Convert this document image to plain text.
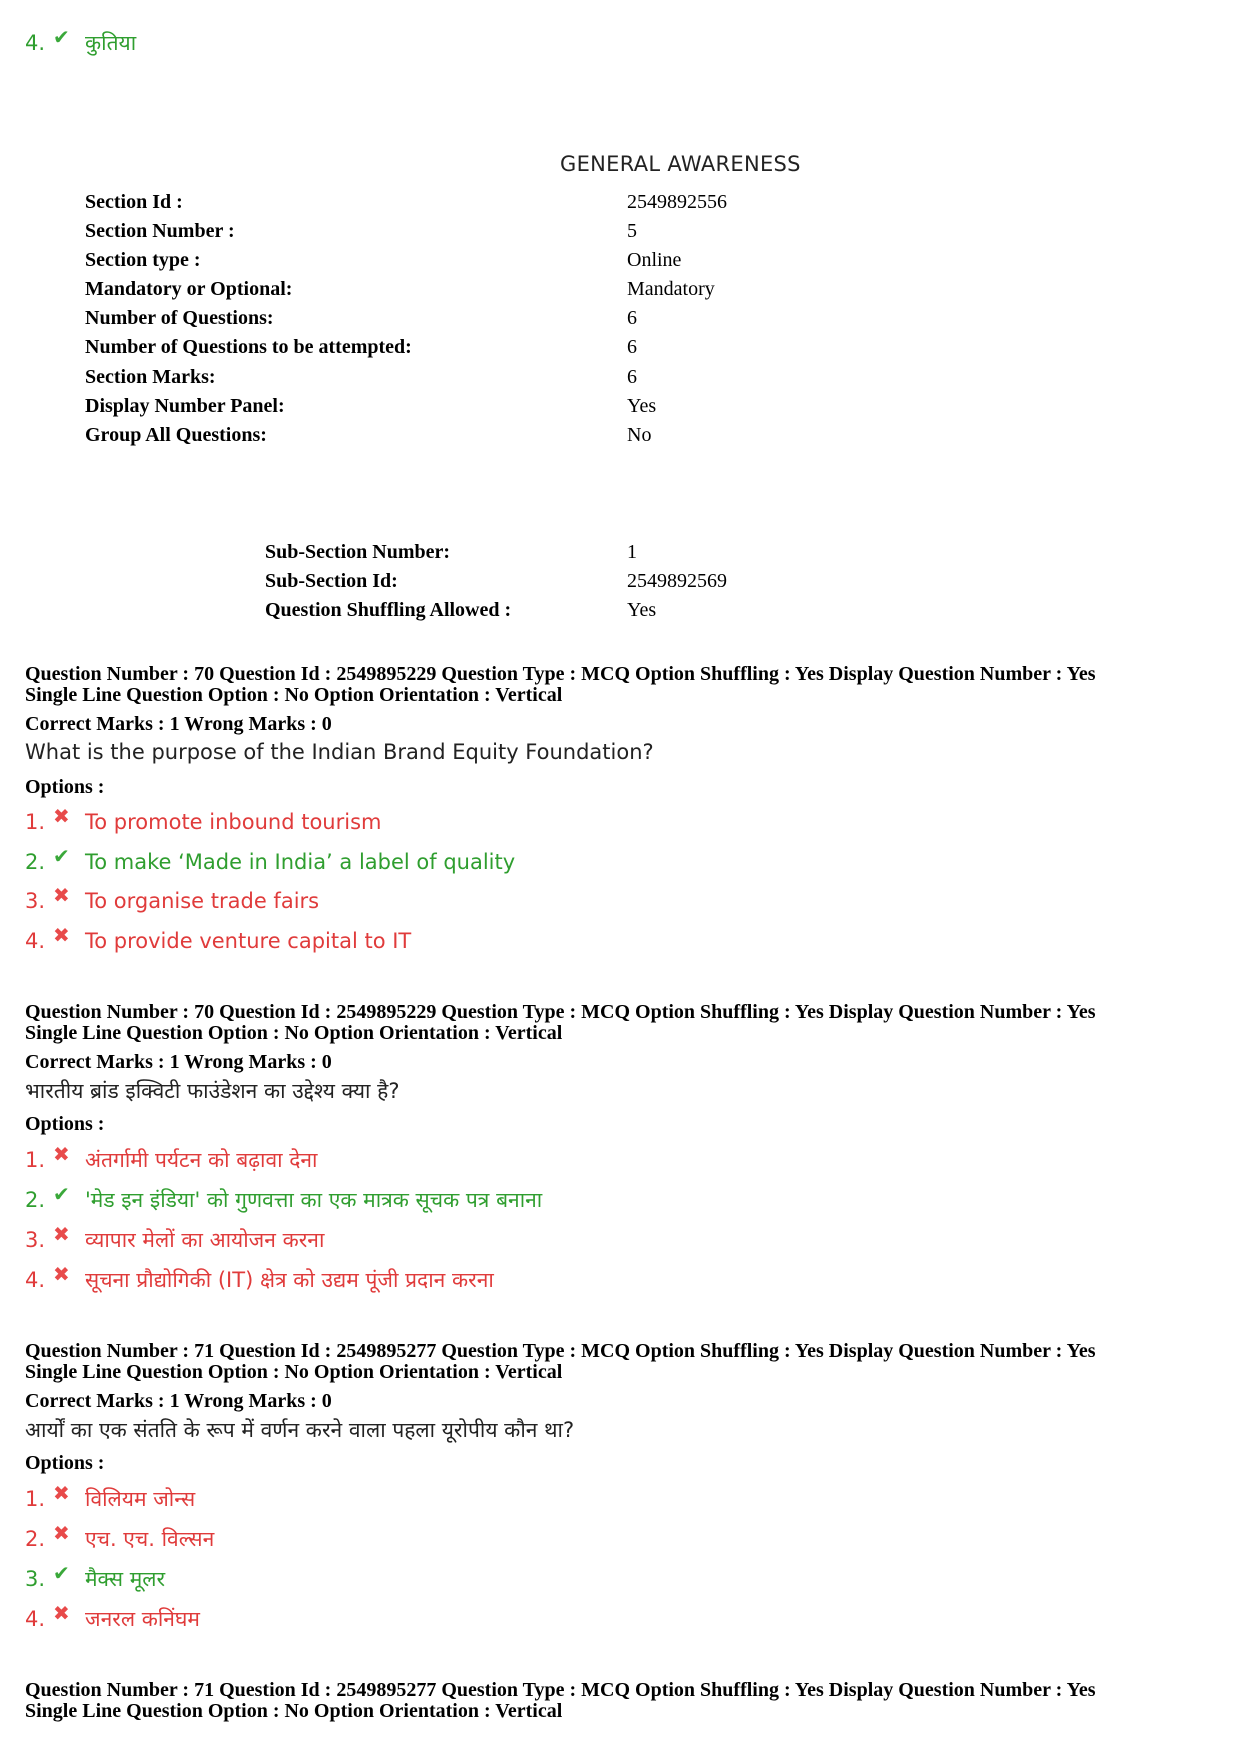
4. ✔ कुतिया
GENERAL AWARENESS
Section Id :	2549892556
Section Number :	5
Section type :	Online
Mandatory or Optional:	Mandatory
Number of Questions:	6
Number of Questions to be attempted:	6
Section Marks:	6
Display Number Panel:	Yes
Group All Questions:	No
Sub-Section Number:	1
Sub-Section Id:	2549892569
Question Shuffling Allowed :	Yes
Question Number : 70 Question Id : 2549895229 Question Type : MCQ Option Shuffling : Yes Display Question Number : Yes
Single Line Question Option : No Option Orientation : Vertical
Correct Marks : 1 Wrong Marks : 0
What is the purpose of the Indian Brand Equity Foundation?
Options :
1. ✖ To promote inbound tourism
2. ✔ To make ‘Made in India’ a label of quality
3. ✖ To organise trade fairs
4. ✖ To provide venture capital to IT
Question Number : 70 Question Id : 2549895229 Question Type : MCQ Option Shuffling : Yes Display Question Number : Yes
Single Line Question Option : No Option Orientation : Vertical
Correct Marks : 1 Wrong Marks : 0
भारतीय ब्रांड इक्विटी फाउंडेशन का उद्देश्य क्या है?
Options :
1. ✖ अंतर्गामी पर्यटन को बढ़ावा देना
2. ✔ 'मेड इन इंडिया' को गुणवत्ता का एक मात्रक सूचक पत्र बनाना
3. ✖ व्यापार मेलों का आयोजन करना
4. ✖ सूचना प्रौद्योगिकी (IT) क्षेत्र को उद्यम पूंजी प्रदान करना
Question Number : 71 Question Id : 2549895277 Question Type : MCQ Option Shuffling : Yes Display Question Number : Yes
Single Line Question Option : No Option Orientation : Vertical
Correct Marks : 1 Wrong Marks : 0
आर्यों का एक संतति के रूप में वर्णन करने वाला पहला यूरोपीय कौन था?
Options :
1. ✖ विलियम जोन्स
2. ✖ एच. एच. विल्सन
3. ✔ मैक्स मूलर
4. ✖ जनरल कनिंघम
Question Number : 71 Question Id : 2549895277 Question Type : MCQ Option Shuffling : Yes Display Question Number : Yes
Single Line Question Option : No Option Orientation : Vertical
